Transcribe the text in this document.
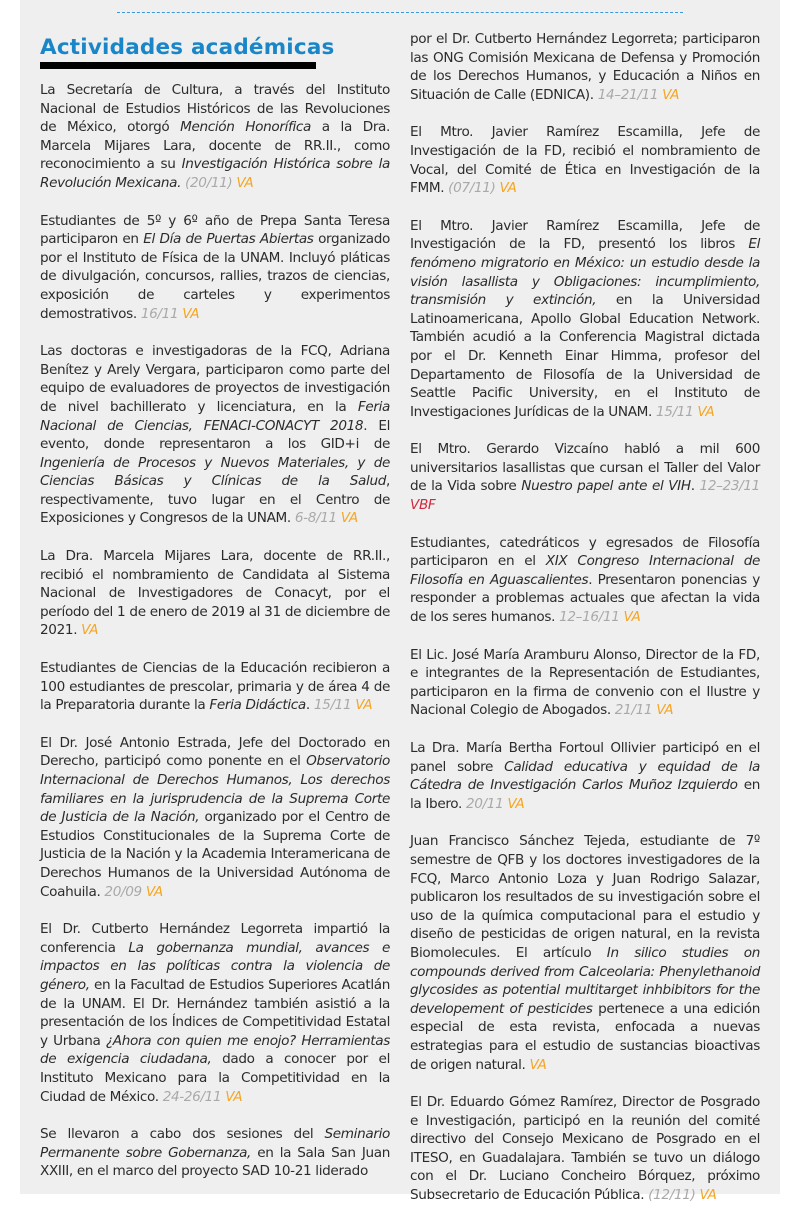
Actividades académicas

La Secretaría de Cultura, a través del Instituto Nacional de Estudios Históricos de las Revoluciones de México, otorgó Mención Honorífica a la Dra. Marcela Mijares Lara, docente de RR.II., como reconocimiento a su Investigación Histórica sobre la Revolución Mexicana. (20/11) VA

Estudiantes de 5º y 6º año de Prepa Santa Teresa participaron en El Día de Puertas Abiertas organizado por el Instituto de Física de la UNAM. Incluyó pláticas de divulgación, concursos, rallies, trazos de ciencias, exposición de carteles y experimentos demostrativos. 16/11 VA

Las doctoras e investigadoras de la FCQ, Adriana Benítez y Arely Vergara, participaron como parte del equipo de evaluadores de proyectos de investigación de nivel bachillerato y licenciatura, en la Feria Nacional de Ciencias, FENACI-CONACYT 2018. El evento, donde representaron a los GID+i de Ingeniería de Procesos y Nuevos Materiales, y de Ciencias Básicas y Clínicas de la Salud, respectivamente, tuvo lugar en el Centro de Exposiciones y Congresos de la UNAM. 6-8/11 VA

La Dra. Marcela Mijares Lara, docente de RR.II., recibió el nombramiento de Candidata al Sistema Nacional de Investigadores de Conacyt, por el período del 1 de enero de 2019 al 31 de diciembre de 2021. VA

Estudiantes de Ciencias de la Educación recibieron a 100 estudiantes de prescolar, primaria y de área 4 de la Preparatoria durante la Feria Didáctica. 15/11 VA

El Dr. José Antonio Estrada, Jefe del Doctorado en Derecho, participó como ponente en el Observatorio Internacional de Derechos Humanos, Los derechos familiares en la jurisprudencia de la Suprema Corte de Justicia de la Nación, organizado por el Centro de Estudios Constitucionales de la Suprema Corte de Justicia de la Nación y la Academia Interamericana de Derechos Humanos de la Universidad Autónoma de Coahuila. 20/09 VA

El Dr. Cutberto Hernández Legorreta impartió la conferencia La gobernanza mundial, avances e impactos en las políticas contra la violencia de género, en la Facultad de Estudios Superiores Acatlán de la UNAM. El Dr. Hernández también asistió a la presentación de los Índices de Competitividad Estatal y Urbana ¿Ahora con quien me enojo? Herramientas de exigencia ciudadana, dado a conocer por el Instituto Mexicano para la Competitividad en la Ciudad de México. 24-26/11 VA

Se llevaron a cabo dos sesiones del Seminario Permanente sobre Gobernanza, en la Sala San Juan XXIII, en el marco del proyecto SAD 10-21 liderado

por el Dr. Cutberto Hernández Legorreta; participaron las ONG Comisión Mexicana de Defensa y Promoción de los Derechos Humanos, y Educación a Niños en Situación de Calle (EDNICA). 14–21/11 VA

El Mtro. Javier Ramírez Escamilla, Jefe de Investigación de la FD, recibió el nombramiento de Vocal, del Comité de Ética en Investigación de la FMM. (07/11) VA

El Mtro. Javier Ramírez Escamilla, Jefe de Investigación de la FD, presentó los libros El fenómeno migratorio en México: un estudio desde la visión lasallista y Obligaciones: incumplimiento, transmisión y extinción, en la Universidad Latinoamericana, Apollo Global Education Network. También acudió a la Conferencia Magistral dictada por el Dr. Kenneth Einar Himma, profesor del Departamento de Filosofía de la Universidad de Seattle Pacific University, en el Instituto de Investigaciones Jurídicas de la UNAM. 15/11 VA

El Mtro. Gerardo Vizcaíno habló a mil 600 universitarios lasallistas que cursan el Taller del Valor de la Vida sobre Nuestro papel ante el VIH. 12–23/11 VBF

Estudiantes, catedráticos y egresados de Filosofía participaron en el XIX Congreso Internacional de Filosofía en Aguascalientes. Presentaron ponencias y responder a problemas actuales que afectan la vida de los seres humanos. 12–16/11 VA

El Lic. José María Aramburu Alonso, Director de la FD, e integrantes de la Representación de Estudiantes, participaron en la firma de convenio con el Ilustre y Nacional Colegio de Abogados. 21/11 VA

La Dra. María Bertha Fortoul Ollivier participó en el panel sobre Calidad educativa y equidad de la Cátedra de Investigación Carlos Muñoz Izquierdo en la Ibero. 20/11 VA

Juan Francisco Sánchez Tejeda, estudiante de 7º semestre de QFB y los doctores investigadores de la FCQ, Marco Antonio Loza y Juan Rodrigo Salazar, publicaron los resultados de su investigación sobre el uso de la química computacional para el estudio y diseño de pesticidas de origen natural, en la revista Biomolecules. El artículo In silico studies on compounds derived from Calceolaria: Phenylethanoid glycosides as potential multitarget inhbibitors for the developement of pesticides pertenece a una edición especial de esta revista, enfocada a nuevas estrategias para el estudio de sustancias bioactivas de origen natural. VA

El Dr. Eduardo Gómez Ramírez, Director de Posgrado e Investigación, participó en la reunión del comité directivo del Consejo Mexicano de Posgrado en el ITESO, en Guadalajara. También se tuvo un diálogo con el Dr. Luciano Concheiro Bórquez, próximo Subsecretario de Educación Pública. (12/11) VA
